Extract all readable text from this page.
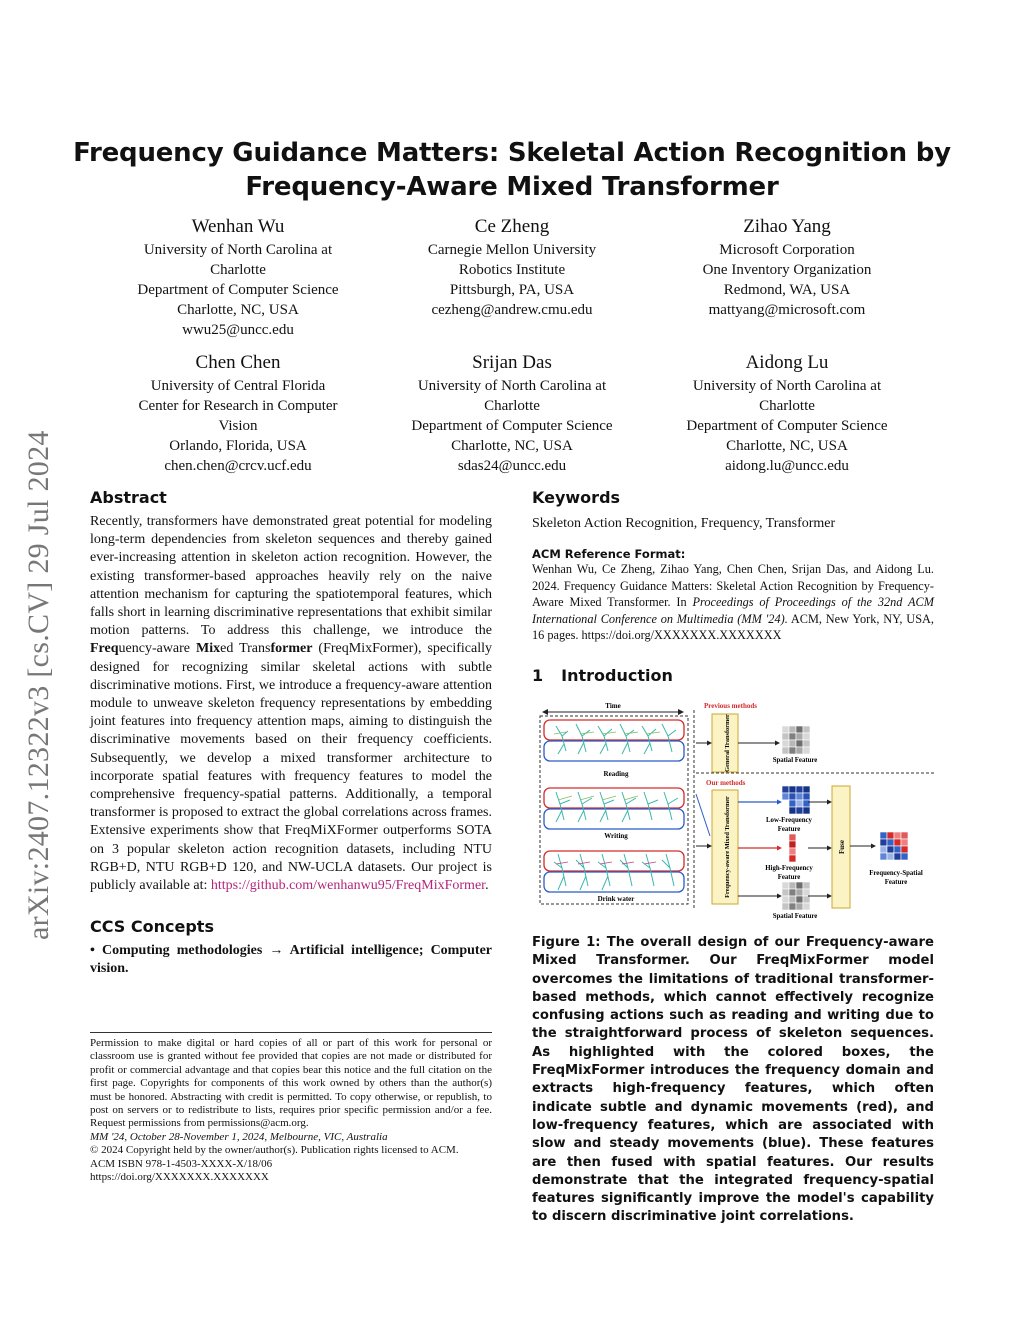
arXiv:2407.12322v3 [cs.CV] 29 Jul 2024
Frequency Guidance Matters: Skeletal Action Recognition by
Frequency-Aware Mixed Transformer
Wenhan Wu
University of North Carolina at
Charlotte
Department of Computer Science
Charlotte, NC, USA
wwu25@uncc.edu
Ce Zheng
Carnegie Mellon University
Robotics Institute
Pittsburgh, PA, USA
cezheng@andrew.cmu.edu
Zihao Yang
Microsoft Corporation
One Inventory Organization
Redmond, WA, USA
mattyang@microsoft.com
Chen Chen
University of Central Florida
Center for Research in Computer
Vision
Orlando, Florida, USA
chen.chen@crcv.ucf.edu
Srijan Das
University of North Carolina at
Charlotte
Department of Computer Science
Charlotte, NC, USA
sdas24@uncc.edu
Aidong Lu
University of North Carolina at
Charlotte
Department of Computer Science
Charlotte, NC, USA
aidong.lu@uncc.edu
Abstract
Recently, transformers have demonstrated great potential for modeling long-term dependencies from skeleton sequences and thereby gained ever-increasing attention in skeleton action recognition. However, the existing transformer-based approaches heavily rely on the naive attention mechanism for capturing the spatiotemporal features, which falls short in learning discriminative representations that exhibit similar motion patterns. To address this challenge, we introduce the Frequency-aware Mixed Transformer (FreqMixFormer), specifically designed for recognizing similar skeletal actions with subtle discriminative motions. First, we introduce a frequency-aware attention module to unweave skeleton frequency representations by embedding joint features into frequency attention maps, aiming to distinguish the discriminative movements based on their frequency coefficients. Subsequently, we develop a mixed transformer architecture to incorporate spatial features with frequency features to model the comprehensive frequency-spatial patterns. Additionally, a temporal transformer is proposed to extract the global correlations across frames. Extensive experiments show that FreqMiXFormer outperforms SOTA on 3 popular skeleton action recognition datasets, including NTU RGB+D, NTU RGB+D 120, and NW-UCLA datasets. Our project is publicly available at: https://github.com/wenhanwu95/FreqMixFormer.
CCS Concepts
• Computing methodologies → Artificial intelligence; Computer vision.
Permission to make digital or hard copies of all or part of this work for personal or classroom use is granted without fee provided that copies are not made or distributed for profit or commercial advantage and that copies bear this notice and the full citation on the first page. Copyrights for components of this work owned by others than the author(s) must be honored. Abstracting with credit is permitted. To copy otherwise, or republish, to post on servers or to redistribute to lists, requires prior specific permission and/or a fee. Request permissions from permissions@acm.org.
MM '24, October 28-November 1, 2024, Melbourne, VIC, Australia
© 2024 Copyright held by the owner/author(s). Publication rights licensed to ACM.
ACM ISBN 978-1-4503-XXXX-X/18/06
https://doi.org/XXXXXXX.XXXXXXX
Keywords
Skeleton Action Recognition, Frequency, Transformer
ACM Reference Format:
Wenhan Wu, Ce Zheng, Zihao Yang, Chen Chen, Srijan Das, and Aidong Lu. 2024. Frequency Guidance Matters: Skeletal Action Recognition by Frequency-Aware Mixed Transformer. In Proceedings of Proceedings of the 32nd ACM International Conference on Multimedia (MM '24). ACM, New York, NY, USA, 16 pages. https://doi.org/XXXXXXX.XXXXXXX
1 Introduction
Time
Reading
Writing
Drink water
Previous methods
General Transformer	Spatial Feature
Our methods
Frequency-aware Mixed Transformer	Low-Frequency Feature
High-Frequency Feature
Spatial Feature
Fuse
Frequency-Spatial Feature
Figure 1: The overall design of our Frequency-aware Mixed Transformer. Our FreqMixFormer model overcomes the limitations of traditional transformer-based methods, which cannot effectively recognize confusing actions such as reading and writing due to the straightforward process of skeleton sequences. As highlighted with the colored boxes, the FreqMixFormer introduces the frequency domain and extracts high-frequency features, which often indicate subtle and dynamic movements (red), and low-frequency features, which are associated with slow and steady movements (blue). These features are then fused with spatial features. Our results demonstrate that the integrated frequency-spatial features significantly improve the model's capability to discern discriminative joint correlations.
